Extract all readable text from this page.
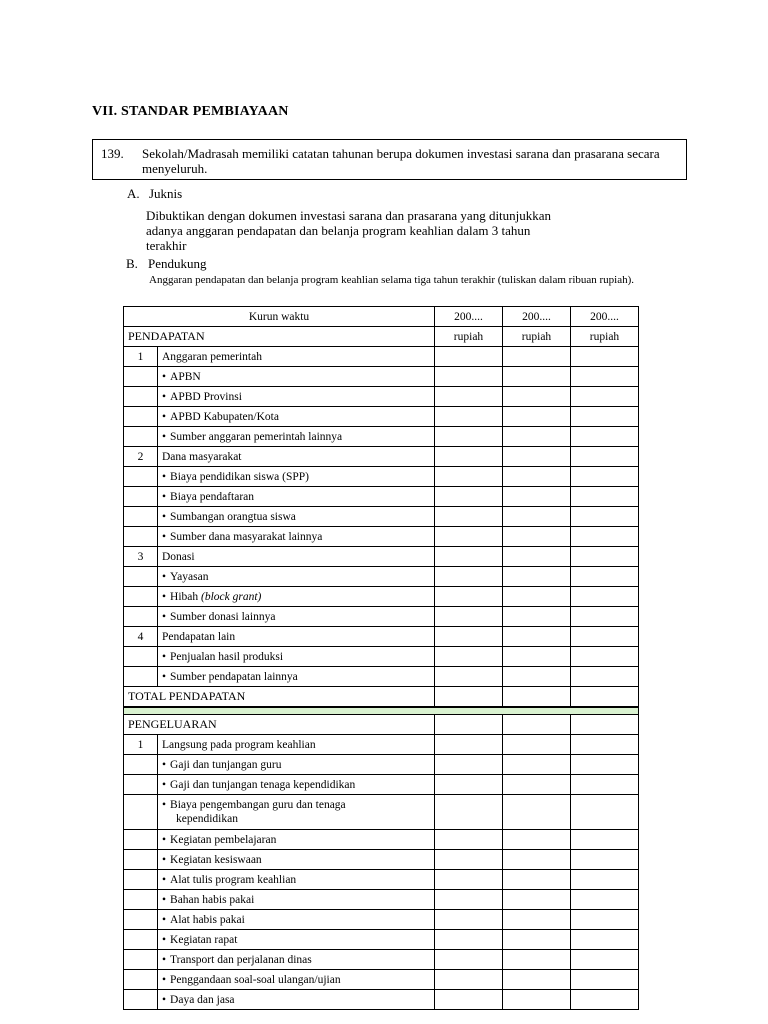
VII. STANDAR PEMBIAYAAN
139. Sekolah/Madrasah memiliki catatan tahunan berupa dokumen investasi sarana dan prasarana secara menyeluruh.
A. Juknis
Dibuktikan dengan dokumen investasi sarana dan prasarana yang ditunjukkan adanya anggaran pendapatan dan belanja program keahlian dalam 3 tahun terakhir
B. Pendukung
Anggaran pendapatan dan belanja program keahlian selama tiga tahun terakhir (tuliskan dalam ribuan rupiah).
Kurun waktu		200....	200....	200....
PENDAPATAN		rupiah	rupiah	rupiah
1	Anggaran pemerintah			
	• APBN			
	• APBD Provinsi			
	• APBD Kabupaten/Kota			
	• Sumber anggaran pemerintah lainnya			
2	Dana masyarakat			
	• Biaya pendidikan siswa (SPP)			
	• Biaya pendaftaran			
	• Sumbangan orangtua siswa			
	• Sumber dana masyarakat lainnya			
3	Donasi			
	• Yayasan			
	• Hibah (block grant)			
	• Sumber donasi lainnya			
4	Pendapatan lain			
	• Penjualan hasil produksi			
	• Sumber pendapatan lainnya			
TOTAL PENDAPATAN				

PENGELUARAN				
1	Langsung pada program keahlian			
	• Gaji dan tunjangan guru			
	• Gaji dan tunjangan tenaga kependidikan			
	• Biaya pengembangan guru dan tenaga
kependidikan			

	• Kegiatan pembelajaran			
	• Kegiatan kesiswaan			
	• Alat tulis program keahlian			
	• Bahan habis pakai			
	• Alat habis pakai			
	• Kegiatan rapat			
	• Transport dan perjalanan dinas			
	• Penggandaan soal-soal ulangan/ujian			
	• Daya dan jasa			
